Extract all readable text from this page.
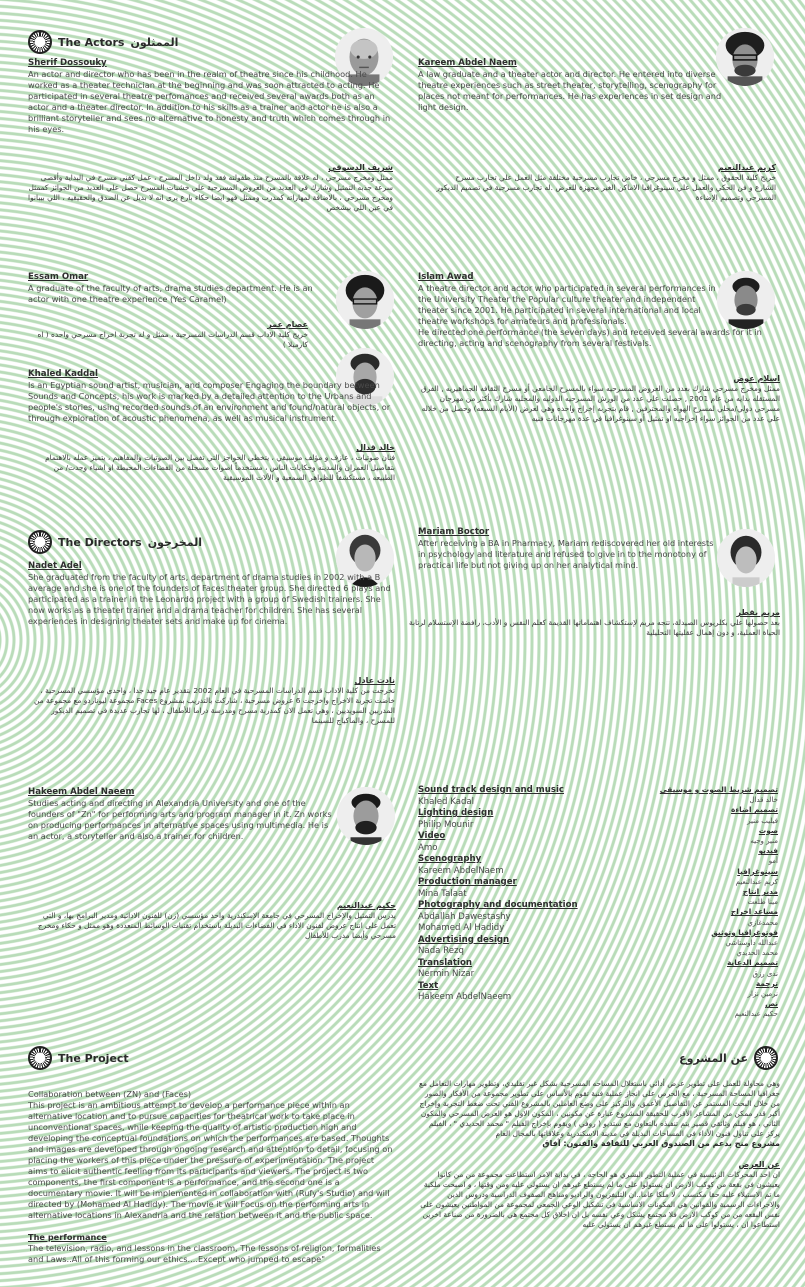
The Actors الممثلون
Sherif Dossouky

An actor and director who has been in the realm of theatre since his childhood. He worked as a theater technician at the beginning and was soon attracted to acting. He participated in several theatre perfomances and received several awards both as an actor and a theater director. In addition to his skills as a trainer and actor he is also a brilliant storyteller and sees no alternative to honesty and truth which comes through in his eyes.

شريف الدسوقي

ممثل ومخرج مسرحي ، له علاقة بالمسرح منذ طفولته فقد ولد داخل المسرح ، عمل كفني مسرح في البداية وأقصى سرعة جذبه التمثيل وشارك في العديد من العروض المسرحية علي خشبات المسرح حصل علي العديد من الجوائز كممثل ومخرج مسرحي ، بالاضافة لمهاراته كمدرب وممثل فهو ايضا حكاء بارع يرى انه لا بديل عن الصدق والحقيقيه ، اللي بيبانوا في عين اللي بيشخص

Kareem Abdel Naem

A law graduate and a theater actor and director. He entered into diverse theatre experiences such as street theater, storytelling, scenography for places not meant for performances. He has experiences in set design and light design.

كريم عبدالنعيم

خريج كلية الحقوق ، ممثل و مخرج مسرحي ، خاض تجارب مسرحية مختلفة مثل العمل علي تجارب مسرح الشارع و فن الحكي والعمل علي سينوغرافيا الاماكن الغير مجهزة للعرض .له تجارب مسرحية في تصميم الديكور المسرحي وتصميم الإضاءة

Essam Omar

A graduate of the faculty of arts, drama studies department. He is an actor with one theatre experience (Yes Caramel)

عصام عمر

خريج كلية الاداب قسم الدراسات المسرحية ، ممثل و له تجربة اخراج مسرحي واحده ( اه كارميلا )

Khaled Kaddal

Is an Egyptian sound artist, musician, and composer Engaging the boundary between Sounds and Concepts, his work is marked by a detailed attention to the Urbans and people's stories, using recorded sounds of an environment and found/natural objects, or through exploration of acoustic phenomena, as well as musical instrument.

خالد قدال

فنان صوتيات ، عازف و مؤلف موسيقي ، يتخطي الحواجز التي تفصل بين الصوتيات والمفاهيم ، يتميز عمله بالاهتمام بتفاصيل العمران والمدينه وحكايات الناس ، مستخدماً اصوات مسجلة من الفضاءات المحيطة او اشياء وجدت/ من الطبيعه ، مستكشفاً للظواهر السمعية و الألات الموسيقية

Islam Awad

A theatre director and actor who participated in several performances in the University Theater the Popular culture theater and independent theater since 2001. He participated in several international and local theatre workshops for amateurs and professionals.

He directed one performance (the seven days) and received several awards for it in directing, acting and scenography from several festivals.

اسلام عوض

ممثل ومخرج مسرحي شارك بعدد من العروض المسرحيه سواء بالمسرح الجامعي أو مسرح الثقافه الجماهيريه , الفرق المستقله بدايه من عام 2001 , حصلت علي عدد من الورش المسرحيه الدوليه والمحليه شارك بأكثر من مهرجان مسرحي دولي/محلي لمسرح الهواه والمحترفين , قام بتجربه إخراج واحده وهي لعرض (الأيام السبعه) وحصل من خلاله علي عدد من الجوائز سواء إخراجيه او تمثيل أو سينوغرافيا في عدة مهرجانات فنيه

The Directors المخرجون
Nadet Adel

She graduated from the faculty of arts, department of drama studies in 2002 with a B average and she is one of the founders of Faces theater group. She directed 6 plays and participated as a trainer in the Leonardo project with a group of Swedish trainers. She now works as a theater trainer and a drama teacher for children. She has several experiences in designing theater sets and make up for cinema.

نادت عادل

تخرجت من كلية الاداب قسم الدراسات المسرحية في العام 2002 بتقدير عام جيد جدا ، واحدى مؤسسي المسرحية ، خاضت تجربة الاخراج واخرجت 6 عروض مسرحية ، شاركت بالتدريب بمشروع Faces مجموعة ليوناردو مع مجموعة من المدربين السويديين ، وهي تعمل الان كمدربة مسرح ومدرسة دراما للأطفال ، لها تجارب عديدة في تصميم الديكور للمسرح ، والماكياج للسينما

Mariam Boctor

After receiving a BA in Pharmacy, Mariam rediscovered her old interests in psychology and literature and refused to give in to the monotony of practical life but not giving up on her analytical mind.

مريم بقطر

بعد حصولها علي بكلريوس الصيدلة، تتجه مريم لإستكشاف اهتماماتها القديمة كعلم النفس و الأدب، رافضة الإستسلام لرتابة الحياة العملية، و دون إهمال عقليتها التحليلية

Hakeem Abdel Naeem

Studies acting and directing in Alexandria University and one of the founders of "Zn" for performing arts and program manager in it. Zn works on producing performances in alternative spaces using multimedia. He is an actor, a storyteller and also a trainer for children.

حكيم عبدالنعيم

يدرس التمثيل والإخراج المسرحي في جامعة الإسكندرية واحد مؤسسي (زن) للفنون الادائية ومدير البرامج بها، و التي تعمل على انتاج عروض لفنون الاداء في الفضاءات البديلة باستخدام تقنيات الوسائط المتعددة وهو ممثل و حكاء ومخرج مسرحي وأيضا مدرب للأطفال

Sound track design and music
Khaled Kadal
Lighting design
Philip Mounir
Video
Amo
Scenography
Kareem AbdelNaem
Production manager
Mina Talaat
Photography and documentation
Abdallah Dawestashy
Mohamed Al Hadidy
Advertising design
Nada Rezq
Translation
Nermin Nizar
Text
Hakeem AbdelNaeem
تصميم شريط الصوت و موسيقى
خالد قدال
تصميم اضاءة
فيليب منير
صوت
منير وجيه
فيديو
أمو
سينوغرافيا
كريم عبدالنعيم
مدير انتاج
مينا طلعت
مساعد اخراج
محمدغازي
فوتوغرافيا وتوثيق
عبدالله داوستاشي
محمد الحديدي
تصميم الدعاية
ندى رزق
ترجمة
نرمين نزار
نص
حكيم عبدالنعيم
The Project

Collaboration between (ZN) and (Faces)

This project is an ambitious attempt to develop a performance piece within an alternative location and to pursue capacities for theatrical work to take place in unconventional spaces, while keeping the quality of artistic production high and developing the conceptual foundations on which the performances are based. Thoughts and images are developed through ongoing research and attention to detail, focusing on placing the workers of this piece under the pressure of experimentation. The project aims to elicit authentic feeling from its participants and viewers. The project is two components, the first component is a performance, and the second one is a documentary movie. It will be implemented in collaboration with (Rufy's Studio) and will directed by (Mohamed Al Hadidy). The movie it will Focus on the performing arts in alternative locations in Alexandria and the relation between it and the public space.

The performance

The television, radio, and lessons in the classroom, The lessons of religion, formalities and Laws..All of this forming our ethics....Except who jumped to escape"

عن المشروع

وهي محاولة للعمل على تطوير عرض أدائي باستغلال المساحه المسرحية بشكل غير تقليدي، وتطوير مهارات التعامل مع جغرافيا المساحة المسرحية ، مع الحرص على انجاز عملية فنية تقوم بالأساس على تطوير مجموعة من الأفكار والصور من خلال البحث المستمر عن التفاصيل الأعمق، والتركيز على وضع العاملين بالمشروع الفني تحت ضغط التجربة وإخراج أكبر قدر ممكن من المشاعر الأقرب للحقيقة المشروع عبارة عن مكونين ، المكون الاول هو العرض المسرحي والمكون الثاني ، هو فيلم وثائقي قصير يتم تنفيذه بالتعاون مع ستديو ( روفي ) ويقوم بإخراج الفيلم " محمد الحديدي " ، الفيلم يركز على تناول فنون الأداء في المساحات البديلة في مدينة الاسكندرية وعلاقاتها بالمجال العام

مشروع منح بدعم من الصندوق العربي للثقافة والفنون: آفاق

عن العرض

ان احد المحركات الرئيسية في عملية التطور البشري هو الحاجه ، في بداية الامر استطاعت مجموعة من من كانوا يعيشون في بقعة من كوكب الارض ان يستولوا على ما لم يستطع غيرهم ان يستولي عليه ومن وقتها ، و اصبحت ملكية ما تم الاستيلاء عليه حقا مكتسب ، لا ملكا عاما..ان التليفزيون والراديو ومناهج الصفوف الدراسية ودروس الدين والاجراءات الرسمية والقوانين هي المكونات الاساسية في تشكيل الوعي الجمعي لمجموعة من المواطنين يعيشون على نفس البقعه من من كوكب الارض فلا مجتمع يشكل وعي نفسه بل ان اخلاق كل مجتمع هي بالضرورة من صناعة اخرين استطاعوا ان ، يستولوا على ما لم يستطع غيرهم ان يستولي عليه
